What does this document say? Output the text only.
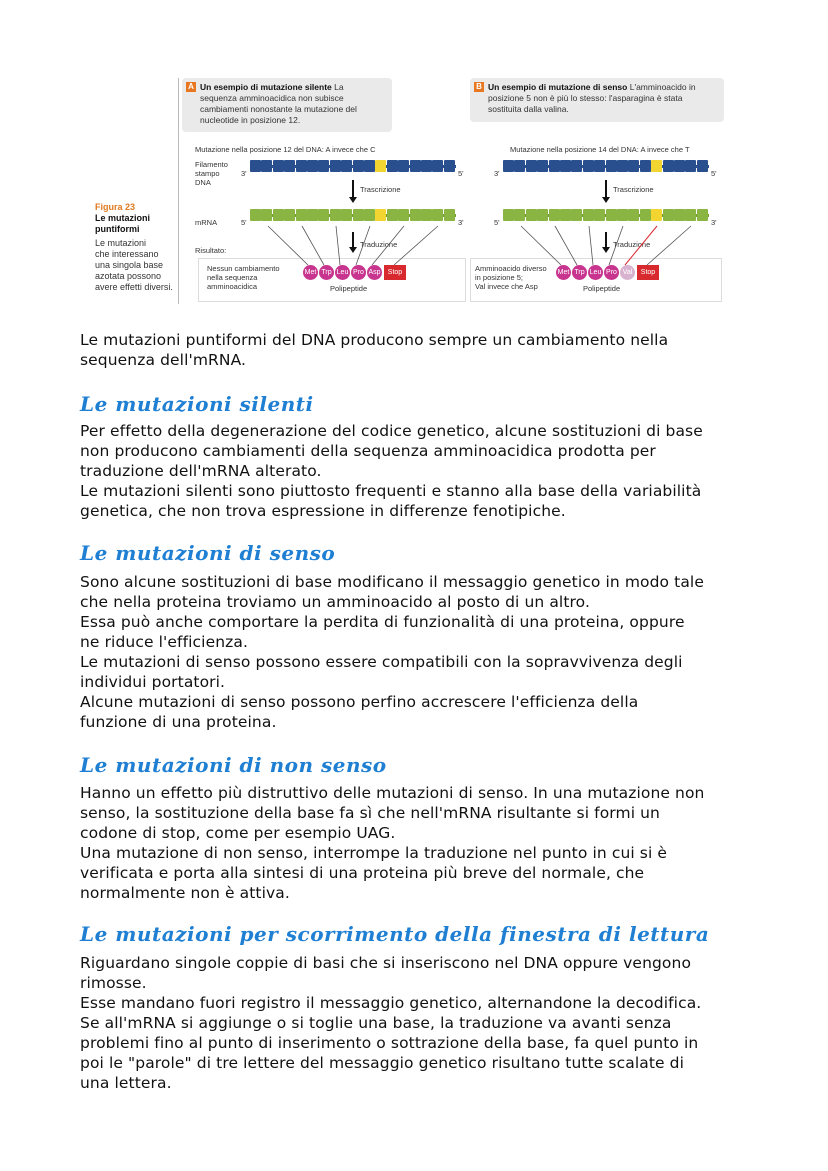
Figura 23
Le mutazioni
puntiformi
Le mutazioni
che interessano
una singola base
azotata possono
avere effetti diversi.
A Un esempio di mutazione silente La
sequenza amminoacidica non subisce
cambiamenti nonostante la mutazione del
nucleotide in posizione 12.
Mutazione nella posizione 12 del DNA: A invece che C
Filamento
stampo
DNA
3'	5'
Trascrizione
mRNA	5'	3'
Traduzione
Risultato:
Nessun cambiamento
nella sequenza
amminoacidica
Met Trp Leu Pro Asp	Stop
Polipeptide
B Un esempio di mutazione di senso L'amminoacido in
posizione 5 non è più lo stesso: l'asparagina è stata
sostituita dalla valina.
Mutazione nella posizione 14 del DNA: A invece che T
3'	5'
Trascrizione
5'	3'
Traduzione
Amminoacido diverso
in posizione 5;
Val invece che Asp
Met Trp Leu Pro Val	Stop
Polipeptide
Le mutazioni puntiformi del DNA producono sempre un cambiamento nella
sequenza dell'mRNA.
Le mutazioni silenti
Per effetto della degenerazione del codice genetico, alcune sostituzioni di base
non producono cambiamenti della sequenza amminoacidica prodotta per
traduzione dell'mRNA alterato.
Le mutazioni silenti sono piuttosto frequenti e stanno alla base della variabilità
genetica, che non trova espressione in differenze fenotipiche.
Le mutazioni di senso
Sono alcune sostituzioni di base modificano il messaggio genetico in modo tale
che nella proteina troviamo un amminoacido al posto di un altro.
Essa può anche comportare la perdita di funzionalità di una proteina, oppure
ne riduce l'efficienza.
Le mutazioni di senso possono essere compatibili con la sopravvivenza degli
individui portatori.
Alcune mutazioni di senso possono perfino accrescere l'efficienza della
funzione di una proteina.
Le mutazioni di non senso
Hanno un effetto più distruttivo delle mutazioni di senso. In una mutazione non
senso, la sostituzione della base fa sì che nell'mRNA risultante si formi un
codone di stop, come per esempio UAG.
Una mutazione di non senso, interrompe la traduzione nel punto in cui si è
verificata e porta alla sintesi di una proteina più breve del normale, che
normalmente non è attiva.
Le mutazioni per scorrimento della finestra di lettura
Riguardano singole coppie di basi che si inseriscono nel DNA oppure vengono
rimosse.
Esse mandano fuori registro il messaggio genetico, alternandone la decodifica.
Se all'mRNA si aggiunge o si toglie una base, la traduzione va avanti senza
problemi fino al punto di inserimento o sottrazione della base, fa quel punto in
poi le "parole" di tre lettere del messaggio genetico risultano tutte scalate di
una lettera.
